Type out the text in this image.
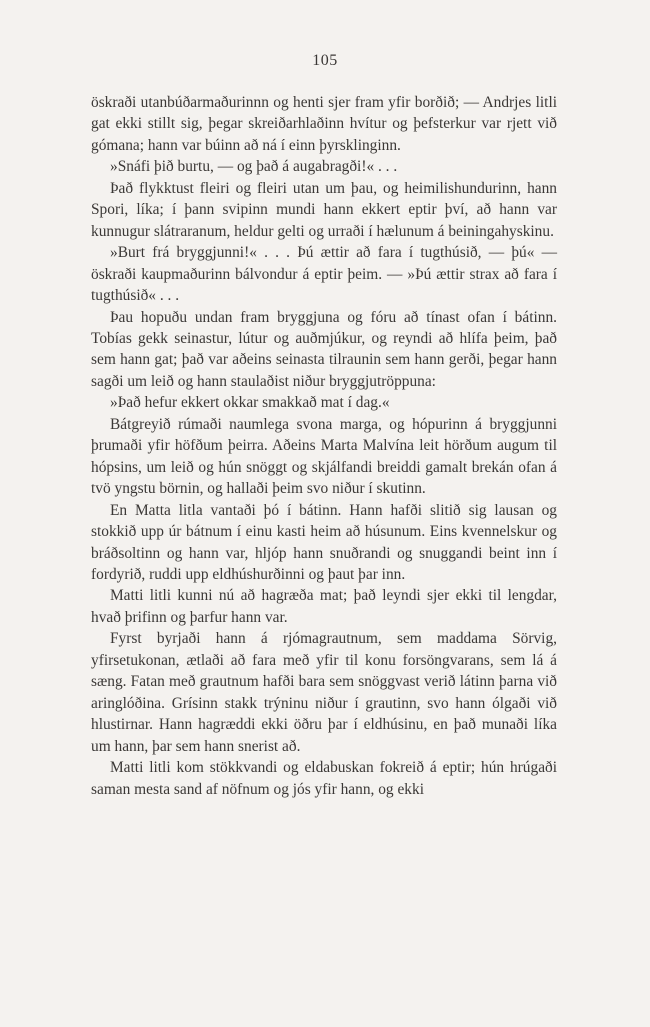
105

öskraði utanbúðarmaðurinnn og henti sjer fram yfir borðið; — Andrjes litli gat ekki stillt sig, þegar skreiðarhlaðinn hvítur og þefsterkur var rjett við gómana; hann var búinn að ná í einn þyrsklinginn.

»Snáfi þið burtu, — og það á augabragði!« . . .

Það flykktust fleiri og fleiri utan um þau, og heimilishundurinn, hann Spori, líka; í þann svipinn mundi hann ekkert eptir því, að hann var kunnugur slátraranum, heldur gelti og urraði í hælunum á beiningahyskinu.

»Burt frá bryggjunni!« . . . Þú ættir að fara í tugthúsið, — þú« — öskraði kaupmaðurinn bálvondur á eptir þeim. — »Þú ættir strax að fara í tugthúsið« . . .

Þau hopuðu undan fram bryggjuna og fóru að tínast ofan í bátinn. Tobías gekk seinastur, lútur og auðmjúkur, og reyndi að hlífa þeim, það sem hann gat; það var aðeins seinasta tilraunin sem hann gerði, þegar hann sagði um leið og hann staulaðist niður bryggjutröppuna:

»Það hefur ekkert okkar smakkað mat í dag.«

Bátgreyið rúmaði naumlega svona marga, og hópurinn á bryggjunni þrumaði yfir höfðum þeirra. Aðeins Marta Malvína leit hörðum augum til hópsins, um leið og hún snöggt og skjálfandi breiddi gamalt brekán ofan á tvö yngstu börnin, og hallaði þeim svo niður í skutinn.

En Matta litla vantaði þó í bátinn. Hann hafði slitið sig lausan og stokkið upp úr bátnum í einu kasti heim að húsunum. Eins kvennelskur og bráðsoltinn og hann var, hljóp hann snuðrandi og snuggandi beint inn í fordyrið, ruddi upp eldhúshurðinni og þaut þar inn.

Matti litli kunni nú að hagræða mat; það leyndi sjer ekki til lengdar, hvað þrifinn og þarfur hann var.

Fyrst byrjaði hann á rjómagrautnum, sem maddama Sörvig, yfirsetukonan, ætlaði að fara með yfir til konu forsöngvarans, sem lá á sæng. Fatan með grautnum hafði bara sem snöggvast verið látinn þarna við aringlóðina. Grísinn stakk trýninu niður í grautinn, svo hann ólgaði við hlustirnar. Hann hagræddi ekki öðru þar í eldhúsinu, en það munaði líka um hann, þar sem hann snerist að.

Matti litli kom stökkvandi og eldabuskan fokreið á eptir; hún hrúgaði saman mesta sand af nöfnum og jós yfir hann, og ekki
